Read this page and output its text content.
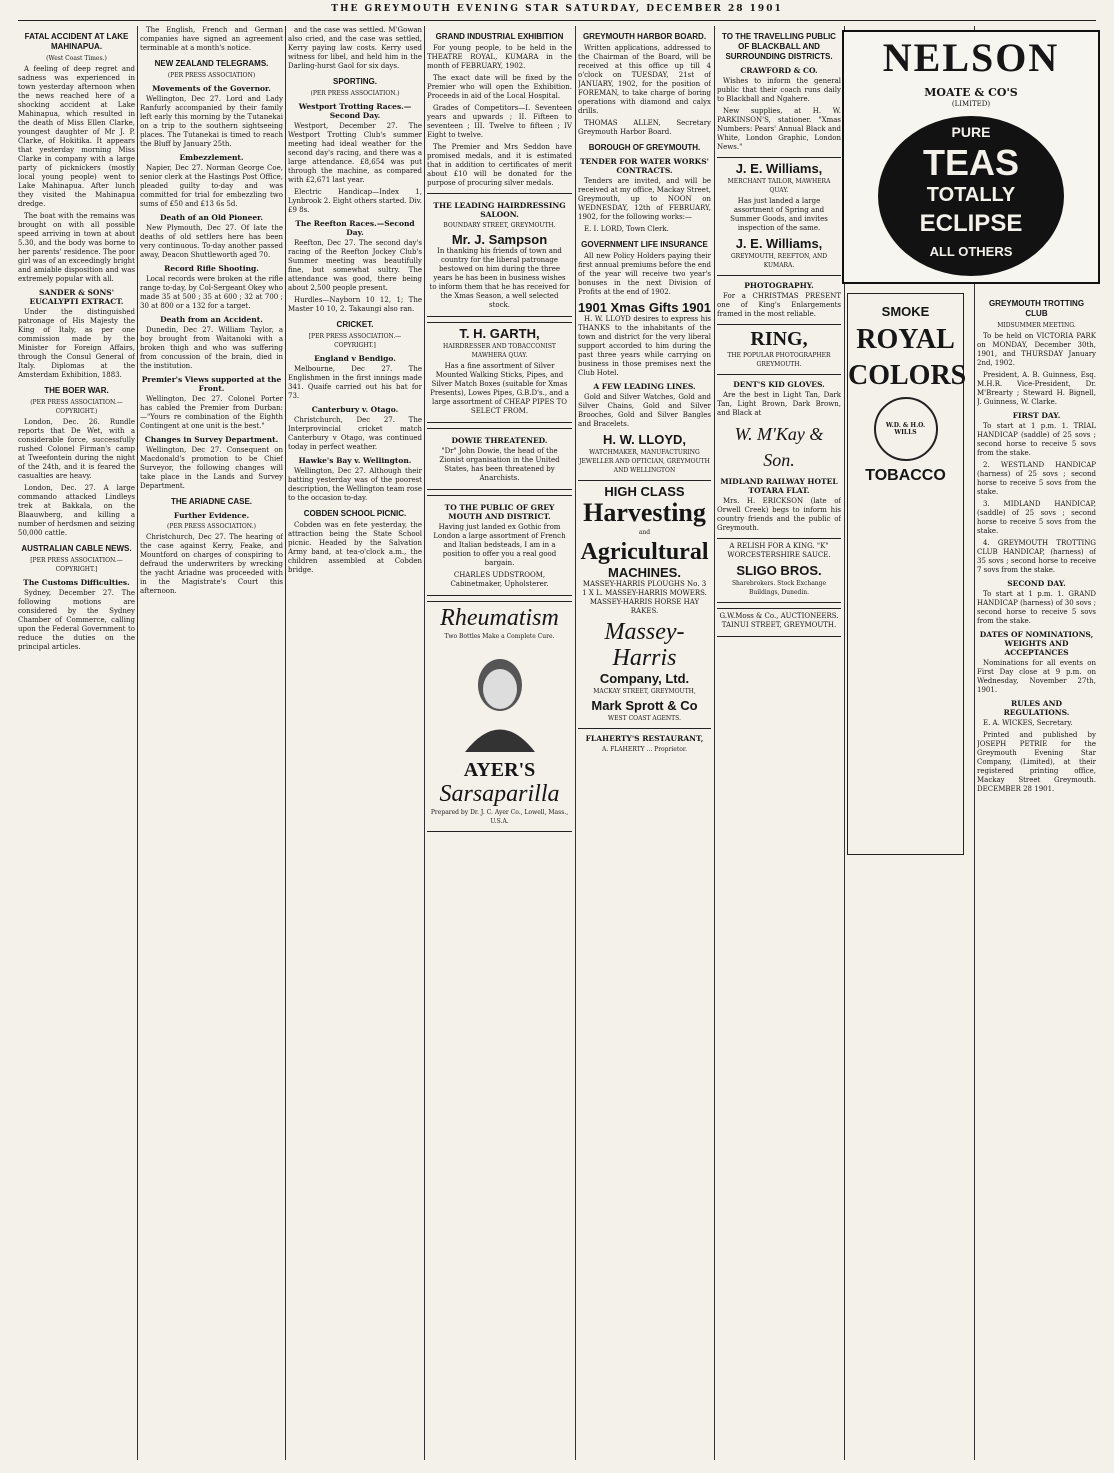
THE GREYMOUTH EVENING STAR SATURDAY, DECEMBER 28 1901
FATAL ACCIDENT AT LAKE MAHINAPUA.
(West Coast Times.)

A feeling of deep regret and sadness was experienced in town yesterday afternoon when the news reached here of a shocking accident at Lake Mahinapua, which resulted in the death of Miss Ellen Clarke, youngest daughter of Mr J. P. Clarke, of Hokitika. It appears that yesterday morning Miss Clarke in company with a large party of picknickers (mostly local young people) went to Lake Mahinapua. After lunch they visited the Mahinapua dredge.

The boat with the remains was brought on with all possible speed arriving in town at about 5.30, and the body was borne to her parents' residence. The poor girl was of an exceedingly bright and amiable disposition and was extremely popular with all.

SANDER & SONS' EUCALYPTI EXTRACT.

Under the distinguished patronage of His Majesty the King of Italy, as per one commission made by the Minister for Foreign Affairs, through the Consul General of Italy. Diplomas at the Amsterdam Exhibition, 1883.

THE BOER WAR.
(PER PRESS ASSOCIATION.—COPYRIGHT.)

London, Dec. 26. Rundle reports that De Wet, with a considerable force, successfully rushed Colonel Firman's camp at Tweefontein during the night of the 24th, and it is feared the casualties are heavy.

London, Dec. 27. A large commando attacked Lindleys trek at Bakkala, on the Blaauwberg, and killing a number of herdsmen and seizing 50,000 cattle.

AUSTRALIAN CABLE NEWS.
[PER PRESS ASSOCIATION.—COPYRIGHT.]
The Customs Difficulties.

Sydney, December 27. The following motions are considered by the Sydney Chamber of Commerce, calling upon the Federal Government to reduce the duties on the principal articles.

The English, French and German companies have signed an agreement terminable at a month's notice.

NEW ZEALAND TELEGRAMS.
(PER PRESS ASSOCIATION)
Movements of the Governor.

Wellington, Dec 27. Lord and Lady Ranfurly accompanied by their family left early this morning by the Tutanekai on a trip to the southern sightseeing places. The Tutanekai is timed to reach the Bluff by January 25th.

Embezzlement.

Napier, Dec 27. Norman George Coe, senior clerk at the Hastings Post Office, pleaded guilty to-day and was committed for trial for embezzling two sums of £50 and £13 6s 5d.

Death of an Old Pioneer.

New Plymouth, Dec 27. Of late the deaths of old settlers here has been very continuous. To-day another passed away, Deacon Shuttleworth aged 70.

Record Rifle Shooting.

Local records were broken at the rifle range to-day, by Col-Sergeant Okey who made 35 at 500 ; 35 at 600 ; 32 at 700 ; 30 at 800 or a 132 for a target.

Death from an Accident.

Dunedin, Dec 27. William Taylor, a boy brought from Waitanoki with a broken thigh and who was suffering from concussion of the brain, died in the institution.

Premier's Views supported at the Front.

Wellington, Dec 27. Colonel Porter has cabled the Premier from Durban:—"Yours re combination of the Eighth Contingent at one unit is the best."

Changes in Survey Department.

Wellington, Dec 27. Consequent on Macdonald's promotion to be Chief Surveyor, the following changes will take place in the Lands and Survey Department.

THE ARIADNE CASE.
Further Evidence.
(PER PRESS ASSOCIATION.)

Christchurch, Dec 27. The hearing of the case against Kerry, Feake, and Mountford on charges of conspiring to defraud the underwriters by wrecking the yacht Ariadne was proceeded with in the Magistrate's Court this afternoon.

and the case was settled. M'Gowan also cried, and the case was settled, Kerry paying law costs. Kerry used witness for libel, and held him in the Darling-hurst Gaol for six days.

SPORTING.
(PER PRESS ASSOCIATION.)
Westport Trotting Races.—Second Day.

Westport, December 27. The Westport Trotting Club's summer meeting had ideal weather for the second day's racing, and there was a large attendance. £8,654 was put through the machine, as compared with £2,671 last year.

Electric Handicap—Index 1, Lynbrook 2. Eight others started. Div. £9 8s.

The Reefton Races.—Second Day.

Reefton, Dec 27. The second day's racing of the Reefton Jockey Club's Summer meeting was beautifully fine, but somewhat sultry. The attendance was good, there being about 2,500 people present.

Hurdles—Nayborn 10 12, 1; The Master 10 10, 2. Takaungi also ran.

CRICKET.
[PER PRESS ASSOCIATION.—COPYRIGHT.]
England v Bendigo.

Melbourne, Dec 27. The Englishmen in the first innings made 341. Quaife carried out his bat for 73.

Canterbury v. Otago.

Christchurch, Dec 27. The Interprovincial cricket match Canterbury v Otago, was continued today in perfect weather.

Hawke's Bay v. Wellington.

Wellington, Dec 27. Although their batting yesterday was of the poorest description, the Wellington team rose to the occasion to-day.

COBDEN SCHOOL PICNIC.

Cobden was en fete yesterday, the attraction being the State School picnic. Headed by the Salvation Army band, at tea-o'clock a.m., the children assembled at Cobden bridge.

GRAND INDUSTRIAL EXHIBITION

For young people, to be held in the THEATRE ROYAL, KUMARA in the month of FEBRUARY, 1902.

The exact date will be fixed by the Premier who will open the Exhibition. Proceeds in aid of the Local Hospital.

Grades of Competitors—I. Seventeen years and upwards ; II. Fifteen to seventeen ; III. Twelve to fifteen ; IV Eight to twelve.

The Premier and Mrs Seddon have promised medals, and it is estimated that in addition to certificates of merit about £10 will be donated for the purpose of procuring silver medals.

THE LEADING HAIRDRESSING SALOON.
BOUNDARY STREET, GREYMOUTH.
Mr. J. Sampson

In thanking his friends of town and country for the liberal patronage bestowed on him during the three years he has been in business wishes to inform them that he has received for the Xmas Season, a well selected stock.

T. H. GARTH,
HAIRDRESSER AND TOBACCONIST MAWHERA QUAY.

Has a fine assortment of Silver Mounted Walking Sticks, Pipes, and Silver Match Boxes (suitable for Xmas Presents), Lowes Pipes, G.B.D's., and a large assortment of CHEAP PIPES TO SELECT FROM.

DOWIE THREATENED.

"Dr" John Dowie, the head of the Zionist organisation in the United States, has been threatened by Anarchists.

TO THE PUBLIC OF GREY MOUTH AND DISTRICT.

Having just landed ex Gothic from London a large assortment of French and Italian bedsteads, I am in a position to offer you a real good bargain.

CHARLES UDDSTROOM, Cabinetmaker, Upholsterer.

Rheumatism
Two Bottles Make a Complete Cure.
AYER'S
Sarsaparilla
Prepared by Dr. J. C. Ayer Co., Lowell, Mass., U.S.A.
GREYMOUTH HARBOR BOARD.

Written applications, addressed to the Chairman of the Board, will be received at this office up till 4 o'clock on TUESDAY, 21st of JANUARY, 1902, for the position of FOREMAN, to take charge of boring operations with diamond and calyx drills.

THOMAS ALLEN, Secretary Greymouth Harbor Board.

BOROUGH OF GREYMOUTH.
TENDER FOR WATER WORKS' CONTRACTS.

Tenders are invited, and will be received at my office, Mackay Street, Greymouth, up to NOON on WEDNESDAY, 12th of FEBRUARY, 1902, for the following works:—

E. I. LORD, Town Clerk.

GOVERNMENT LIFE INSURANCE

All new Policy Holders paying their first annual premiums before the end of the year will receive two year's bonuses in the next Division of Profits at the end of 1902.

1901 Xmas Gifts 1901

H. W. LLOYD desires to express his THANKS to the inhabitants of the town and district for the very liberal support accorded to him during the past three years while carrying on business in those premises next the Club Hotel.

A FEW LEADING LINES.

Gold and Silver Watches, Gold and Silver Chains, Gold and Silver Brooches, Gold and Silver Bangles and Bracelets.

H. W. LLOYD,
WATCHMAKER, MANUFACTURING JEWELLER AND OPTICIAN, GREYMOUTH AND WELLINGTON
HIGH CLASS
Harvesting
and
Agricultural
MACHINES.

MASSEY-HARRIS PLOUGHS No. 3 1 X L. MASSEY-HARRIS MOWERS. MASSEY-HARRIS HORSE HAY RAKES.

Massey-
Harris
Company, Ltd.
MACKAY STREET, GREYMOUTH,
Mark Sprott & Co
WEST COAST AGENTS.
FLAHERTY'S RESTAURANT,
A. FLAHERTY ... Proprietor.
TO THE TRAVELLING PUBLIC OF BLACKBALL AND SURROUNDING DISTRICTS.
CRAWFORD & CO.

Wishes to inform the general public that their coach runs daily to Blackball and Ngahere.

New supplies, at H. W. PARKINSON'S, stationer. "Xmas Numbers: Pears' Annual Black and White, London Graphic, London News."

J. E. Williams,
MERCHANT TAILOR, MAWHERA QUAY.

Has just landed a large assortment of Spring and Summer Goods, and invites inspection of the same.

J. E. Williams,
GREYMOUTH, REEFTON, AND KUMARA.
PHOTOGRAPHY.

For a CHRISTMAS PRESENT one of King's Enlargements framed in the most reliable.

RING,
THE POPULAR PHOTOGRAPHER GREYMOUTH.
DENT'S KID GLOVES.

Are the best in Light Tan, Dark Tan, Light Brown, Dark Brown, and Black at

W. M'Kay & Son.
MIDLAND RAILWAY HOTEL TOTARA FLAT.

Mrs. H. ERICKSON (late of Orwell Creek) begs to inform his country friends and the public of Greymouth.

A RELISH FOR A KING. "K" WORCESTERSHIRE SAUCE.

SLIGO BROS.
Sharebrokers. Stock Exchange Buildings, Dunedin.

G.W.Moss & Co., AUCTIONEERS. TAINUI STREET, GREYMOUTH.

NELSON
MOATE & CO'S
(LIMITED)
PURE
TEAS
TOTALLY
ECLIPSE
ALL OTHERS
SMOKE
ROYAL
COLORS
W.D. & H.O. WILLS
TOBACCO
GREYMOUTH TROTTING CLUB
MIDSUMMER MEETING.

To be held on VICTORIA PARK on MONDAY, December 30th, 1901, and THURSDAY January 2nd, 1902.

President, A. B. Guinness, Esq. M.H.R. Vice-President, Dr. M'Brearty ; Steward H. Bignell, J. Guinness, W. Clarke.

FIRST DAY.

To start at 1 p.m. 1. TRIAL HANDICAP (saddle) of 25 sovs ; second horse to receive 5 sovs from the stake.

2. WESTLAND HANDICAP (harness) of 25 sovs ; second horse to receive 5 sovs from the stake.

3. MIDLAND HANDICAP, (saddle) of 25 sovs ; second horse to receive 5 sovs from the stake.

4. GREYMOUTH TROTTING CLUB HANDICAP, (harness) of 35 sovs ; second horse to receive 7 sovs from the stake.

SECOND DAY.

To start at 1 p.m. 1. GRAND HANDICAP (harness) of 30 sovs ; second horse to receive 5 sovs from the stake.

DATES OF NOMINATIONS, WEIGHTS AND ACCEPTANCES

Nominations for all events on First Day close at 9 p.m. on Wednesday, November 27th, 1901.

RULES AND REGULATIONS.

E. A. WICKES, Secretary.

Printed and published by JOSEPH PETRIE for the Greymouth Evening Star Company, (Limited), at their registered printing office, Mackay Street Greymouth. DECEMBER 28 1901.
